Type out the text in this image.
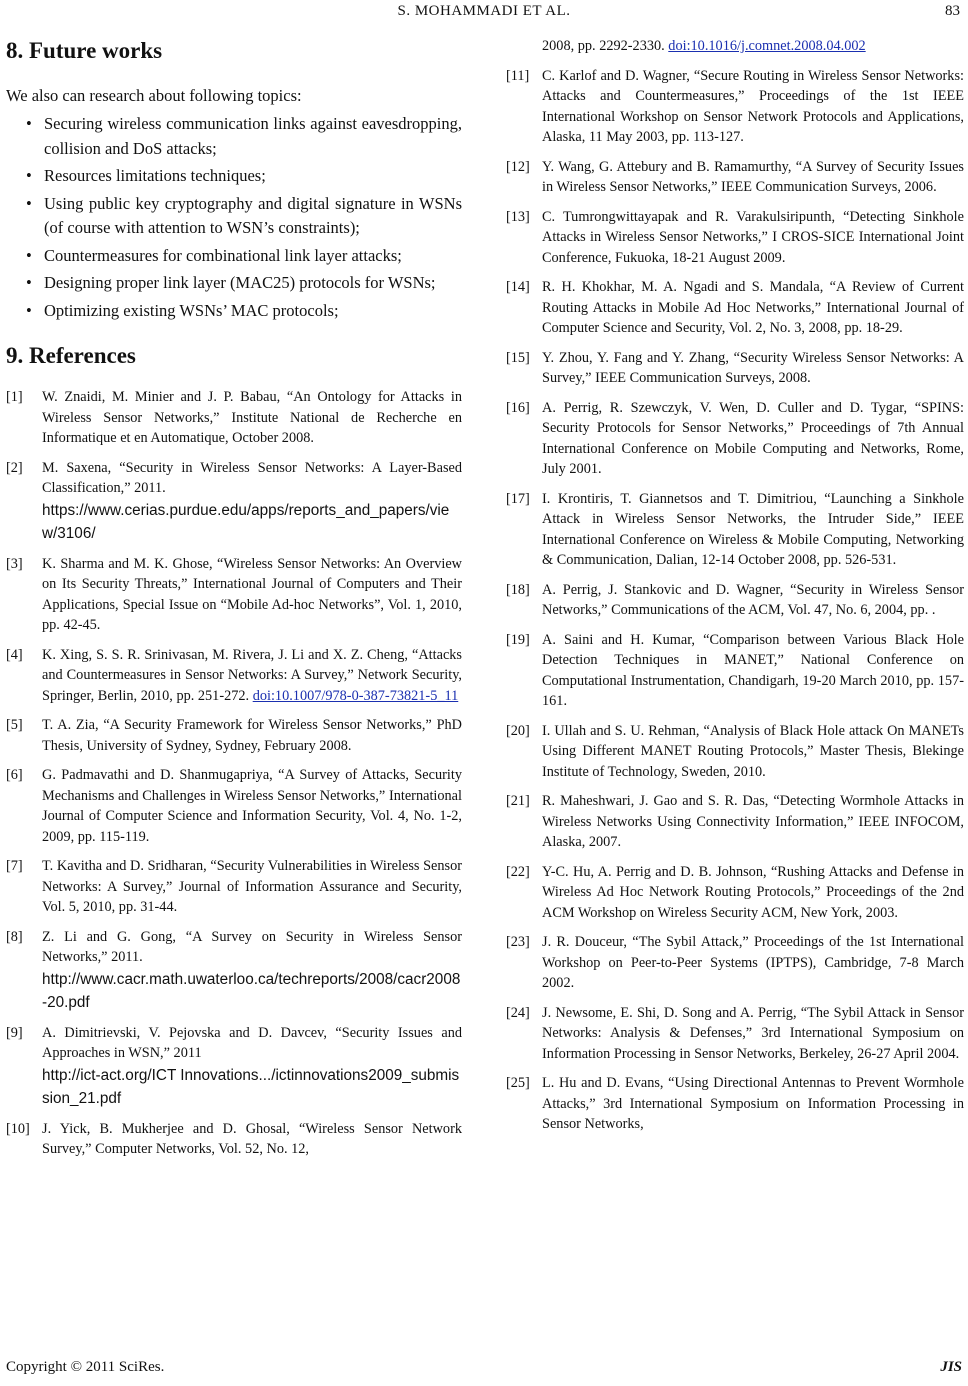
S. MOHAMMADI ET AL.	83
8. Future works

We also can research about following topics:

• Securing wireless communication links against eavesdropping, collision and DoS attacks;
• Resources limitations techniques;
• Using public key cryptography and digital signature in WSNs (of course with attention to WSN’s constraints);
• Countermeasures for combinational link layer attacks;
• Designing proper link layer (MAC25) protocols for WSNs;
• Optimizing existing WSNs’ MAC protocols;
9. References
[1]	W. Znaidi, M. Minier and J. P. Babau, “An Ontology for Attacks in Wireless Sensor Networks,” Institute National de Recherche en Informatique et en Automatique, October 2008.
[2]	M. Saxena, “Security in Wireless Sensor Networks: A Layer-Based Classification,” 2011.
https://www.cerias.purdue.edu/apps/reports_and_papers/view/3106/
[3]	K. Sharma and M. K. Ghose, “Wireless Sensor Networks: An Overview on Its Security Threats,” International Journal of Computers and Their Applications, Special Issue on “Mobile Ad-hoc Networks”, Vol. 1, 2010, pp. 42-45.
[4]	K. Xing, S. S. R. Srinivasan, M. Rivera, J. Li and X. Z. Cheng, “Attacks and Countermeasures in Sensor Networks: A Survey,” Network Security, Springer, Berlin, 2010, pp. 251-272. doi:10.1007/978-0-387-73821-5_11
[5]	T. A. Zia, “A Security Framework for Wireless Sensor Networks,” PhD Thesis, University of Sydney, Sydney, February 2008.
[6]	G. Padmavathi and D. Shanmugapriya, “A Survey of Attacks, Security Mechanisms and Challenges in Wireless Sensor Networks,” International Journal of Computer Science and Information Security, Vol. 4, No. 1-2, 2009, pp. 115-119.
[7]	T. Kavitha and D. Sridharan, “Security Vulnerabilities in Wireless Sensor Networks: A Survey,” Journal of Information Assurance and Security, Vol. 5, 2010, pp. 31-44.
[8]	Z. Li and G. Gong, “A Survey on Security in Wireless Sensor Networks,” 2011.
http://www.cacr.math.uwaterloo.ca/techreports/2008/cacr2008-20.pdf
[9]	A. Dimitrievski, V. Pejovska and D. Davcev, “Security Issues and Approaches in WSN,” 2011
http://ict-act.org/ICT Innovations.../ictinnovations2009_submission_21.pdf
[10] J. Yick, B. Mukherjee and D. Ghosal, “Wireless Sensor Network Survey,” Computer Networks, Vol. 52, No. 12,
2008, pp. 2292-2330. doi:10.1016/j.comnet.2008.04.002
[11] C. Karlof and D. Wagner, “Secure Routing in Wireless Sensor Networks: Attacks and Countermeasures,” Proceedings of the 1st IEEE International Workshop on Sensor Network Protocols and Applications, Alaska, 11 May 2003, pp. 113-127.
[12] Y. Wang, G. Attebury and B. Ramamurthy, “A Survey of Security Issues in Wireless Sensor Networks,” IEEE Communication Surveys, 2006.
[13] C. Tumrongwittayapak and R. Varakulsiripunth, “Detecting Sinkhole Attacks in Wireless Sensor Networks,” I CROS-SICE International Joint Conference, Fukuoka, 18-21 August 2009.
[14] R. H. Khokhar, M. A. Ngadi and S. Mandala, “A Review of Current Routing Attacks in Mobile Ad Hoc Networks,” International Journal of Computer Science and Security, Vol. 2, No. 3, 2008, pp. 18-29.
[15] Y. Zhou, Y. Fang and Y. Zhang, “Security Wireless Sensor Networks: A Survey,” IEEE Communication Surveys, 2008.
[16] A. Perrig, R. Szewczyk, V. Wen, D. Culler and D. Tygar, “SPINS: Security Protocols for Sensor Networks,” Proceedings of 7th Annual International Conference on Mobile Computing and Networks, Rome, July 2001.
[17] I. Krontiris, T. Giannetsos and T. Dimitriou, “Launching a Sinkhole Attack in Wireless Sensor Networks, the Intruder Side,” IEEE International Conference on Wireless & Mobile Computing, Networking & Communication, Dalian, 12-14 October 2008, pp. 526-531.
[18] A. Perrig, J. Stankovic and D. Wagner, “Security in Wireless Sensor Networks,” Communications of the ACM, Vol. 47, No. 6, 2004, pp. .
[19] A. Saini and H. Kumar, “Comparison between Various Black Hole Detection Techniques in MANET,” National Conference on Computational Instrumentation, Chandigarh, 19-20 March 2010, pp. 157-161.
[20] I. Ullah and S. U. Rehman, “Analysis of Black Hole attack On MANETs Using Different MANET Routing Protocols,” Master Thesis, Blekinge Institute of Technology, Sweden, 2010.
[21] R. Maheshwari, J. Gao and S. R. Das, “Detecting Wormhole Attacks in Wireless Networks Using Connectivity Information,” IEEE INFOCOM, Alaska, 2007.
[22] Y-C. Hu, A. Perrig and D. B. Johnson, “Rushing Attacks and Defense in Wireless Ad Hoc Network Routing Protocols,” Proceedings of the 2nd ACM Workshop on Wireless Security ACM, New York, 2003.
[23] J. R. Douceur, “The Sybil Attack,” Proceedings of the 1st International Workshop on Peer-to-Peer Systems (IPTPS), Cambridge, 7-8 March 2002.
[24] J. Newsome, E. Shi, D. Song and A. Perrig, “The Sybil Attack in Sensor Networks: Analysis & Defenses,” 3rd International Symposium on Information Processing in Sensor Networks, Berkeley, 26-27 April 2004.
[25] L. Hu and D. Evans, “Using Directional Antennas to Prevent Wormhole Attacks,” 3rd International Symposium on Information Processing in Sensor Networks,
Copyright © 2011 SciRes.	JIS
